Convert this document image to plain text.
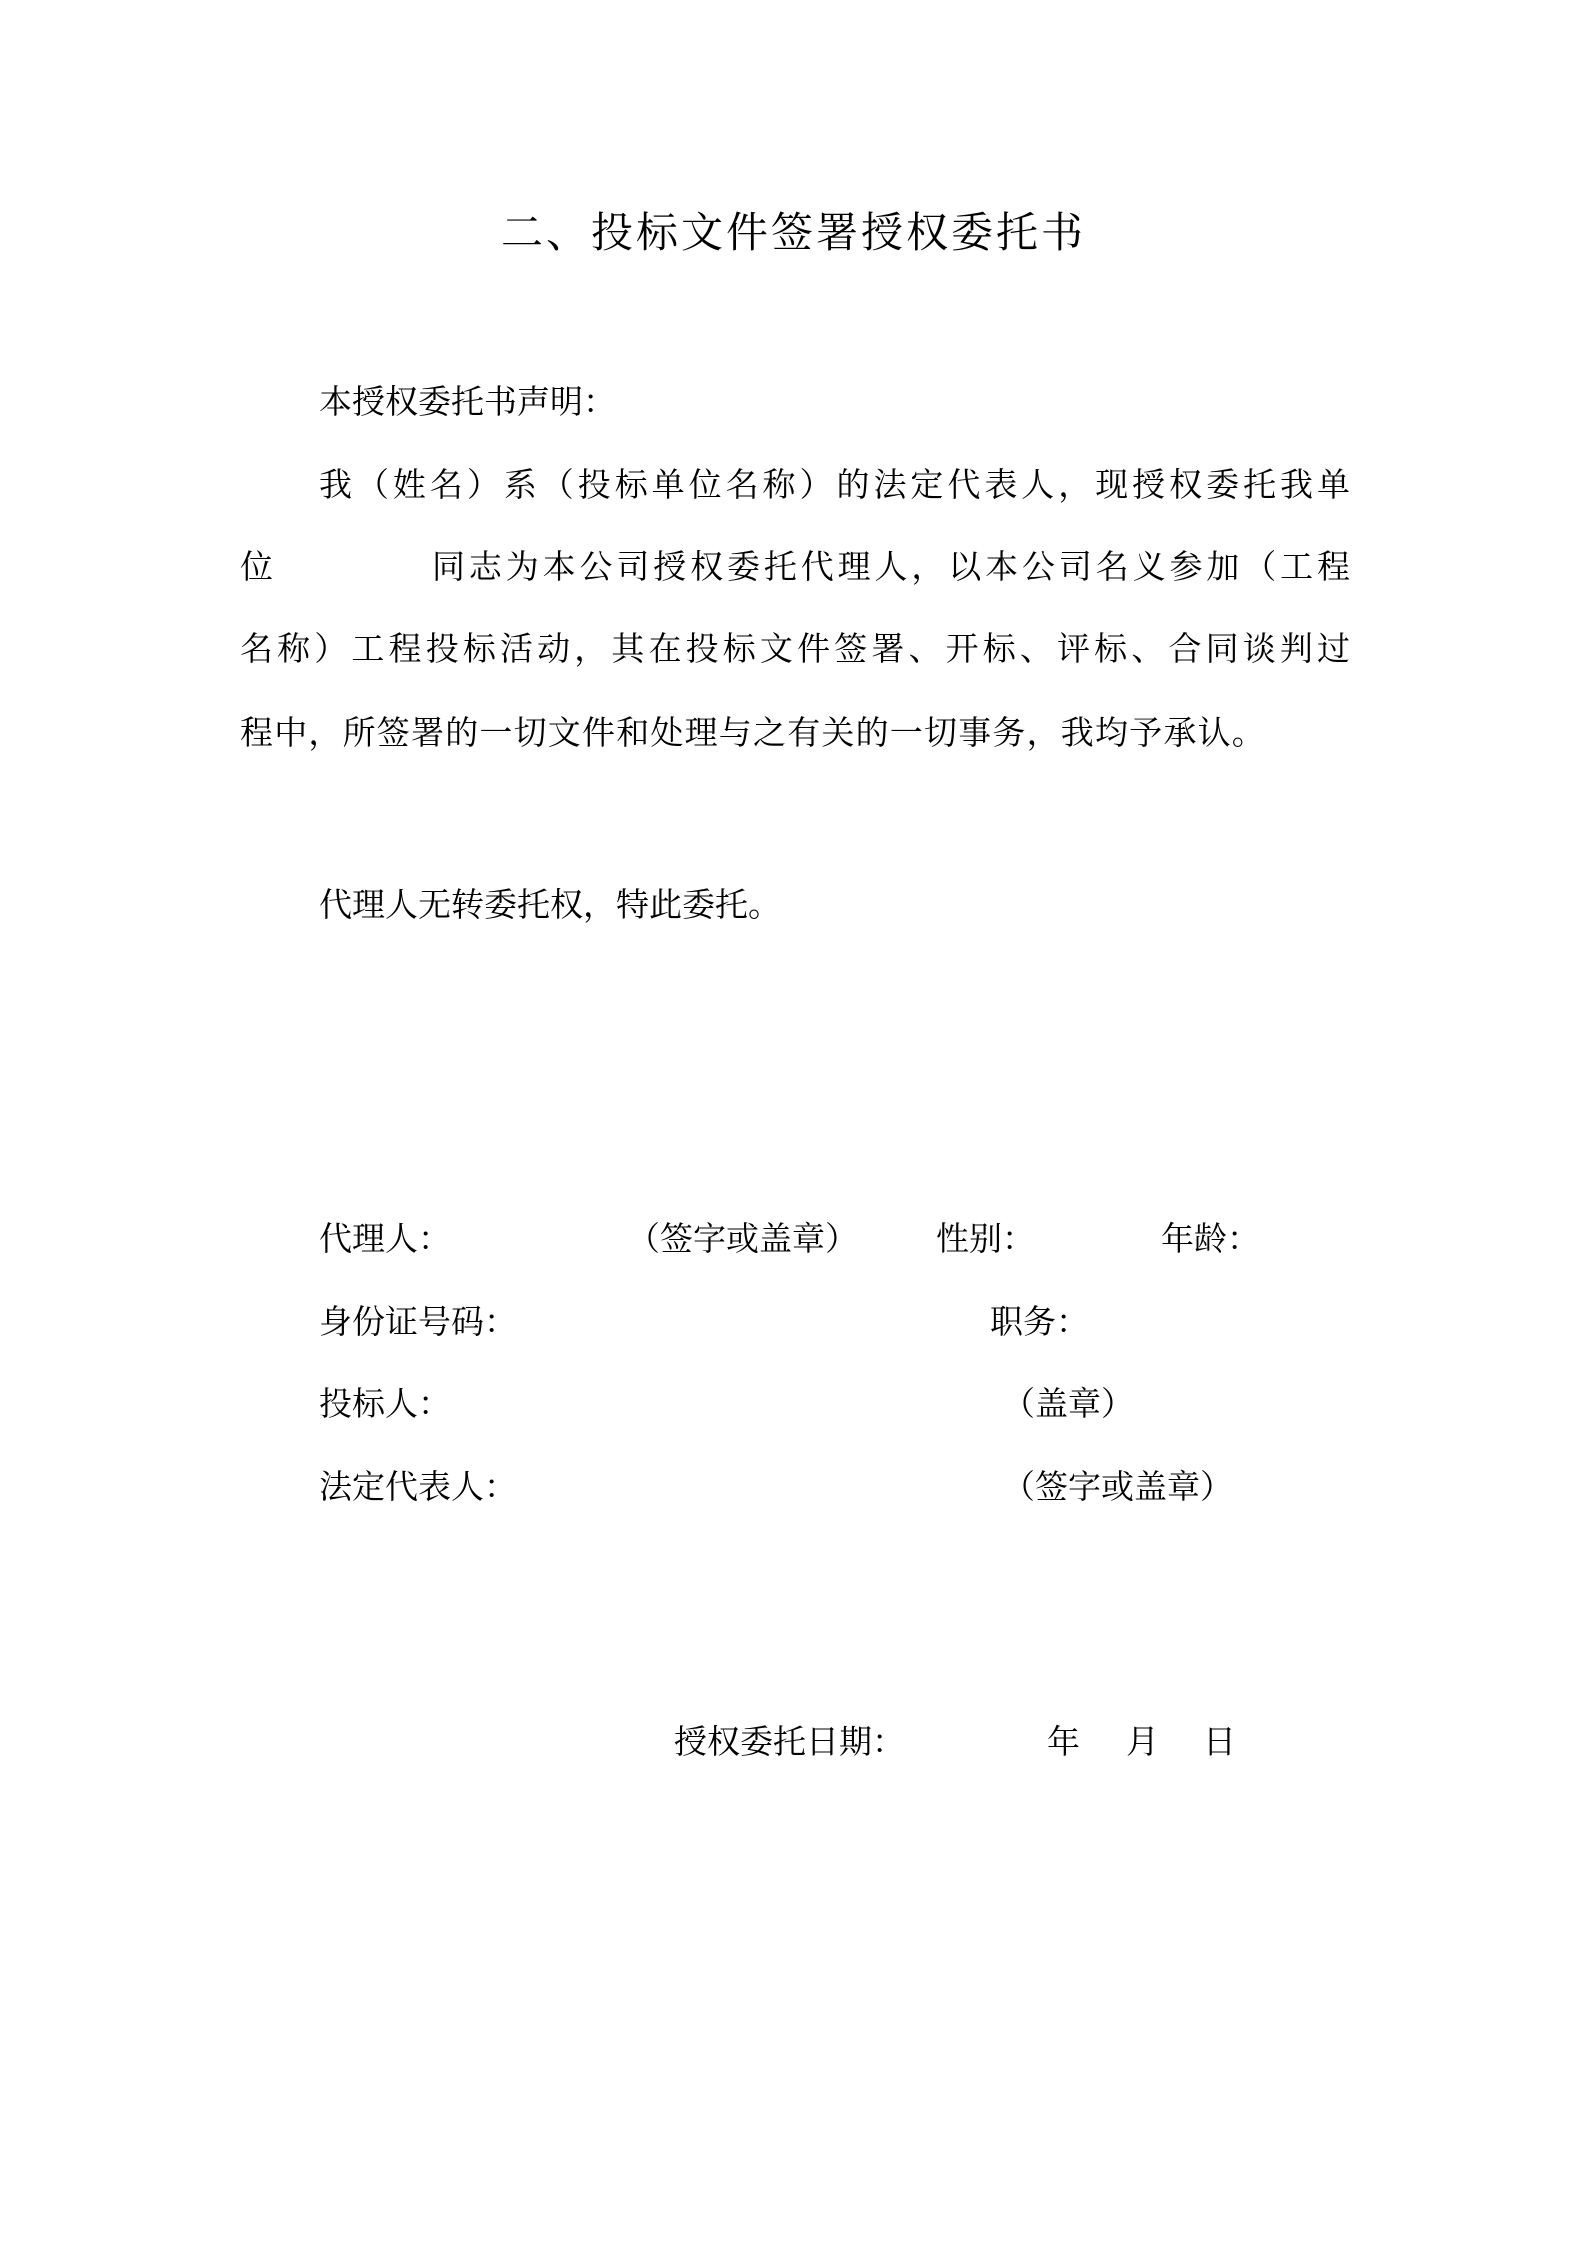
二、投标文件签署授权委托书
本授权委托书声明：
我（姓名）系（投标单位名称）的法定代表人，现授权委托我单
位	同志为本公司授权委托代理人，以本公司名义参加（工程
名称）工程投标活动，其在投标文件签署、开标、评标、合同谈判过
程中，所签署的一切文件和处理与之有关的一切事务，我均予承认。
代理人无转委托权，特此委托。
代理人：	（签字或盖章） 性别：	年龄：
身份证号码：	职务：
投标人：	（盖章）
法定代表人：	（签字或盖章）
授权委托日期：	年 月 日
